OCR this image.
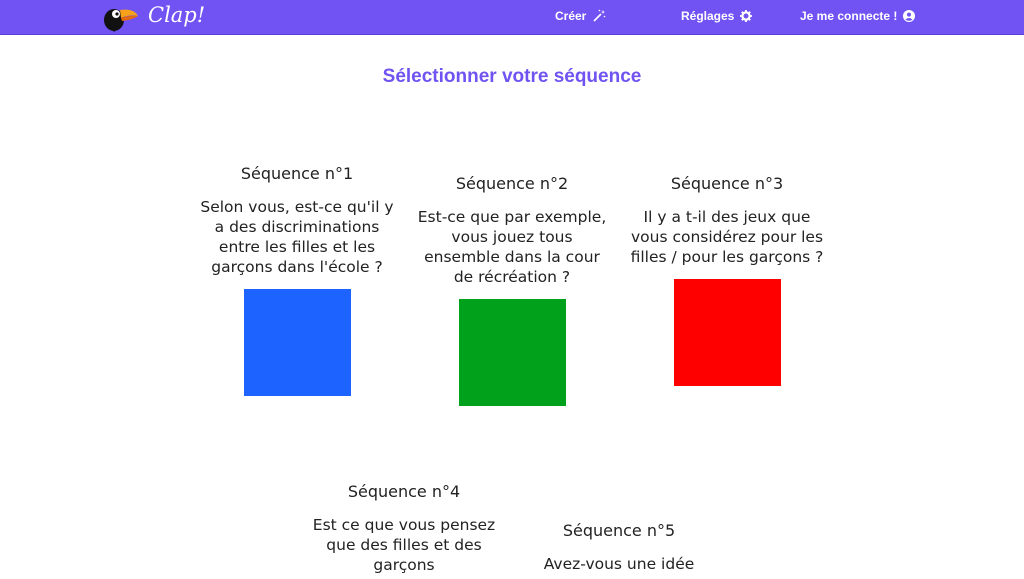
Clap!	Créer	Réglages	Je me connecte !
Sélectionner votre séquence
Séquence n°1
Selon vous, est-ce qu'il y a des discriminations entre les filles et les garçons dans l'école ?
Séquence n°2
Est-ce que par exemple, vous jouez tous ensemble dans la cour de récréation ?
Séquence n°3
Il y a t-il des jeux que vous considérez pour les filles / pour les garçons ?
Séquence n°4
Est ce que vous pensez que des filles et des garçons
Séquence n°5
Avez-vous une idée
